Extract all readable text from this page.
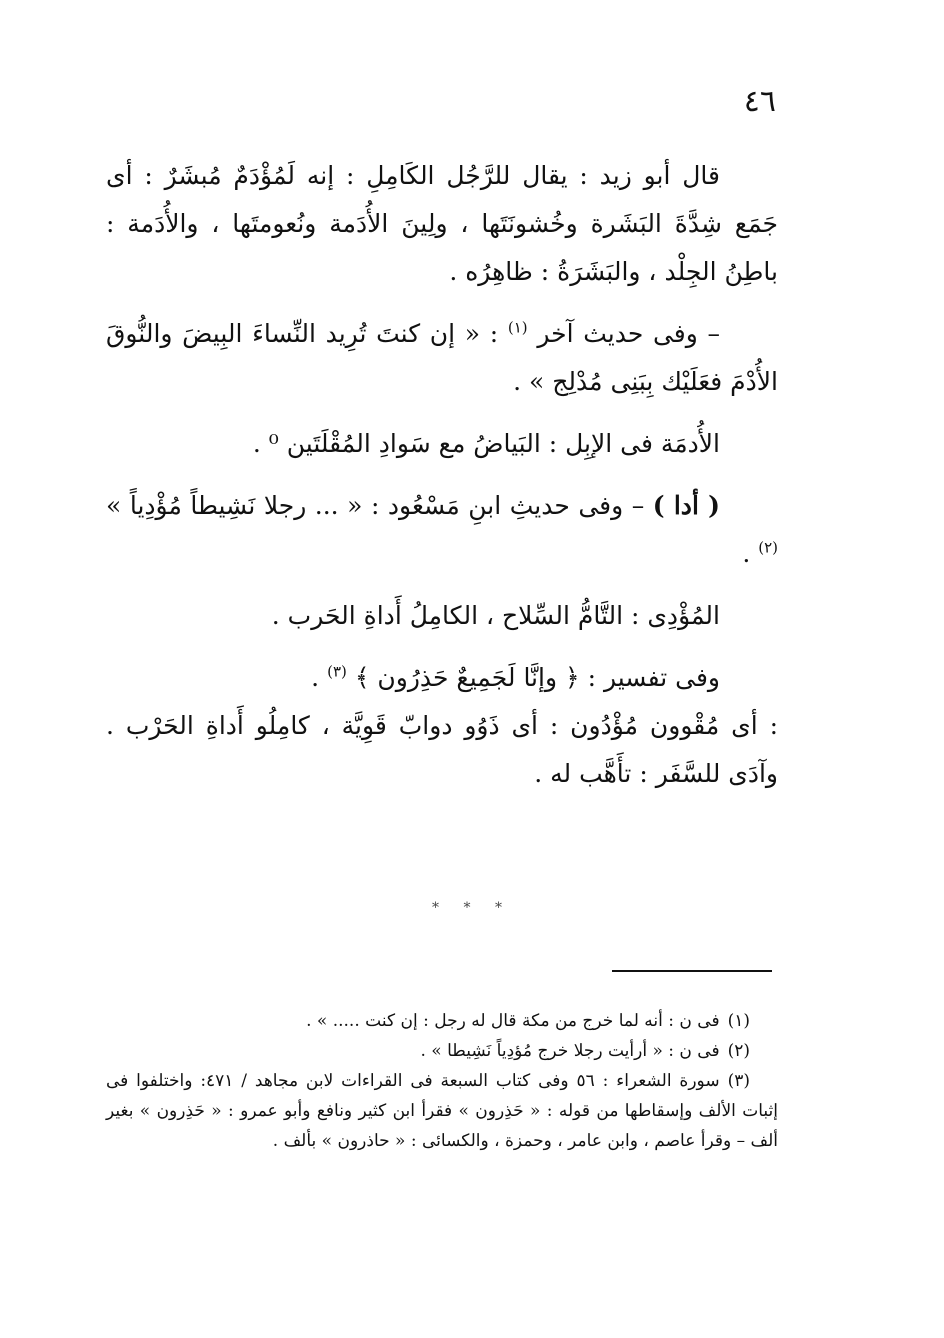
٤٦

قال أبو زيد : يقال للرَّجُل الكَامِلِ : إنه لَمُؤْدَمٌ مُبشَرٌ : أى جَمَع شِدَّةَ البَشَرة وخُشونَتَها ، ولِينَ الأُدَمة ونُعومتَها ، والأُدَمة : باطِنُ الجِلْد ، والبَشَرَةُ : ظاهِرُه .

– وفى حديث آخر $^{(١)}$ : « إن كنتَ تُرِيد النِّساءَ البِيضَ والنُّوقَ الأُدْمَ فعَلَيْك بِبَنِى مُدْلِج » .

الأُدمَة فى الإبِل : البَياضُ مع سَوادِ المُقْلَتَين ⁰ .

( أدا ) – وفى حديثِ ابنِ مَسْعُود : « ... رجلا نَشِيطاً مُؤْدِياً » $^{(٢)}$ .

المُؤْدِى : التَّامُّ السِّلاح ، الكامِلُ أَداةِ الحَرب .

وفى تفسير : ﴿ وإنَّا لَجَمِيعٌ حَذِرُون ﴾ $^{(٣)}$ .

: أى مُقْوون مُؤْدُون : أى ذَوُو دوابّ قَوِيَّة ، كامِلُو أَداةِ الحَرْب . وآدَى للسَّفَر : تأَهَّب له .

* * *

(١)فى ن : أنه لما خرج من مكة قال له رجل : إن كنت ..... » .

(٢)فى ن : « أرأيت رجلا خرج مُؤدِياً نَشِيطا » .

(٣)سورة الشعراء : ٥٦ وفى كتاب السبعة فى القراءات لابن مجاهد / ٤٧١: واختلفوا فى إثبات الألف وإسقاطها من قوله : « حَذِرون » فقرأ ابن كثير ونافع وأبو عمرو : « حَذِرون » بغير ألف – وقرأ عاصم ، وابن عامر ، وحمزة ، والكسائى : « حاذرون » بألف .
